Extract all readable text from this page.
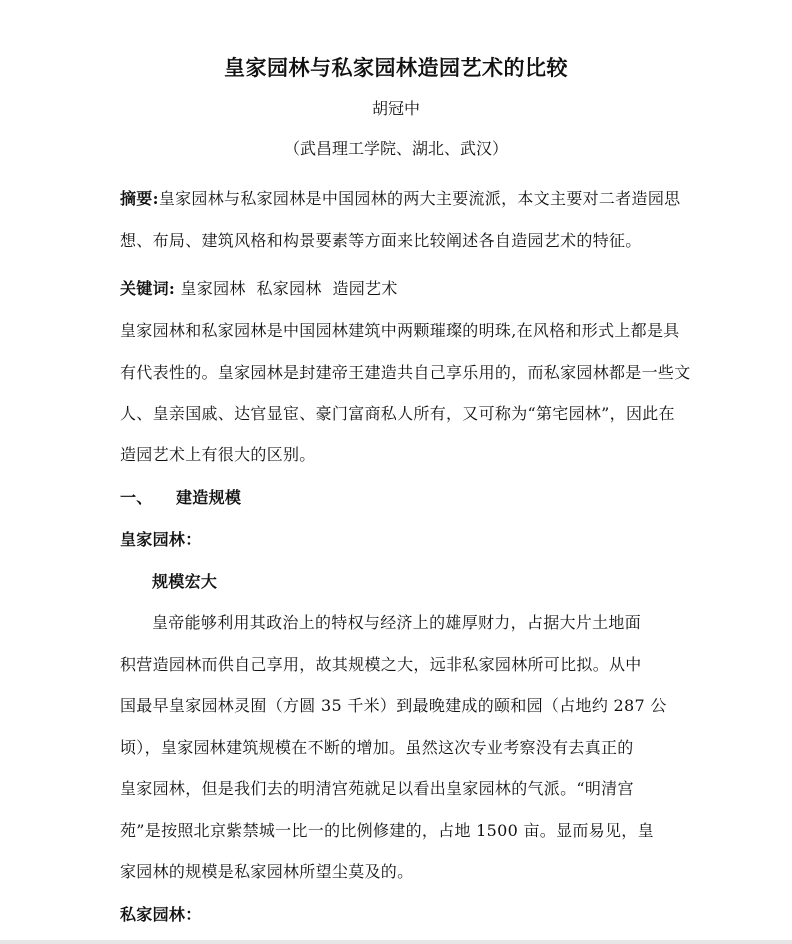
皇家园林与私家园林造园艺术的比较
胡冠中
（武昌理工学院、湖北、武汉）
摘要:皇家园林与私家园林是中国园林的两大主要流派，本文主要对二者造园思
想、布局、建筑风格和构景要素等方面来比较阐述各自造园艺术的特征。
关键词: 皇家园林  私家园林  造园艺术
皇家园林和私家园林是中国园林建筑中两颗璀璨的明珠,在风格和形式上都是具
有代表性的。皇家园林是封建帝王建造共自己享乐用的，而私家园林都是一些文
人、皇亲国戚、达官显宦、豪门富商私人所有，又可称为“第宅园林”，因此在
造园艺术上有很大的区别。
一、 建造规模
皇家园林：
规模宏大
皇帝能够利用其政治上的特权与经济上的雄厚财力，占据大片土地面
积营造园林而供自己享用，故其规模之大，远非私家园林所可比拟。从中
国最早皇家园林灵囿（方圆 35 千米）到最晚建成的颐和园（占地约 287 公
顷），皇家园林建筑规模在不断的增加。虽然这次专业考察没有去真正的
皇家园林，但是我们去的明清宫苑就足以看出皇家园林的气派。“明清宫
苑”是按照北京紫禁城一比一的比例修建的，占地 1500 亩。显而易见，皇
家园林的规模是私家园林所望尘莫及的。
私家园林：
